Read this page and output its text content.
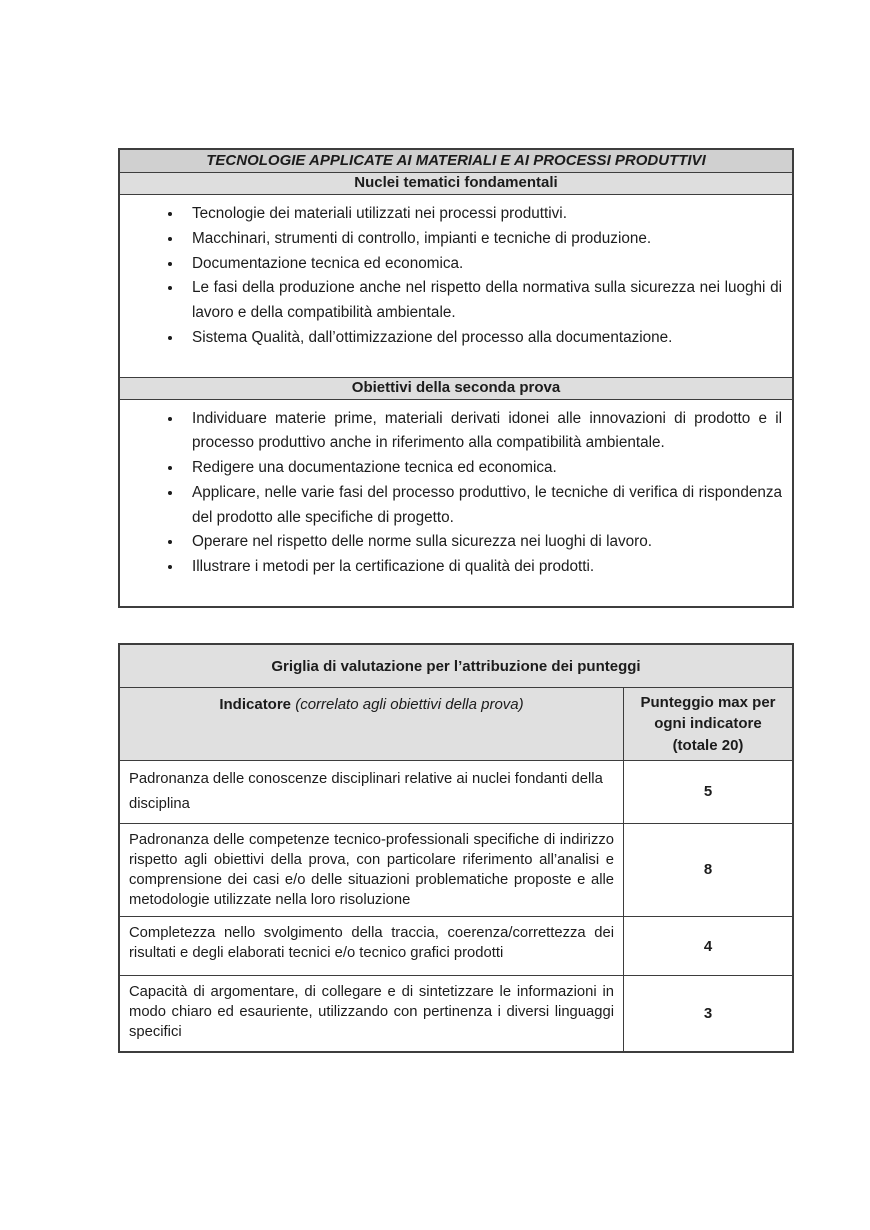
TECNOLOGIE APPLICATE AI MATERIALI E AI PROCESSI PRODUTTIVI
Nuclei tematici fondamentali
• Tecnologie dei materiali utilizzati nei processi produttivi.
• Macchinari, strumenti di controllo, impianti e tecniche di produzione.
• Documentazione tecnica ed economica.
• Le fasi della produzione anche nel rispetto della normativa sulla sicurezza nei luoghi di lavoro e della compatibilità ambientale.
• Sistema Qualità, dall’ottimizzazione del processo alla documentazione.
Obiettivi della seconda prova
• Individuare materie prime, materiali derivati idonei alle innovazioni di prodotto e il processo produttivo anche in riferimento alla compatibilità ambientale.
• Redigere una documentazione tecnica ed economica.
• Applicare, nelle varie fasi del processo produttivo, le tecniche di verifica di rispondenza del prodotto alle specifiche di progetto.
• Operare nel rispetto delle norme sulla sicurezza nei luoghi di lavoro.
• Illustrare i metodi per la certificazione di qualità dei prodotti.
Griglia di valutazione per l’attribuzione dei punteggi
Indicatore (correlato agli obiettivi della prova)	Punteggio max per
ogni indicatore
(totale 20)
Padronanza delle conoscenze disciplinari relative ai nuclei fondanti della disciplina
5
Padronanza delle competenze tecnico-professionali specifiche di indirizzo rispetto agli obiettivi della prova, con particolare riferimento all’analisi e comprensione dei casi e/o delle situazioni problematiche proposte e alle metodologie utilizzate nella loro risoluzione
8
Completezza nello svolgimento della traccia, coerenza/correttezza dei risultati e degli elaborati tecnici e/o tecnico grafici prodotti	4
Capacità di argomentare, di collegare e di sintetizzare le informazioni in modo chiaro ed esauriente, utilizzando con pertinenza i diversi linguaggi specifici
3
